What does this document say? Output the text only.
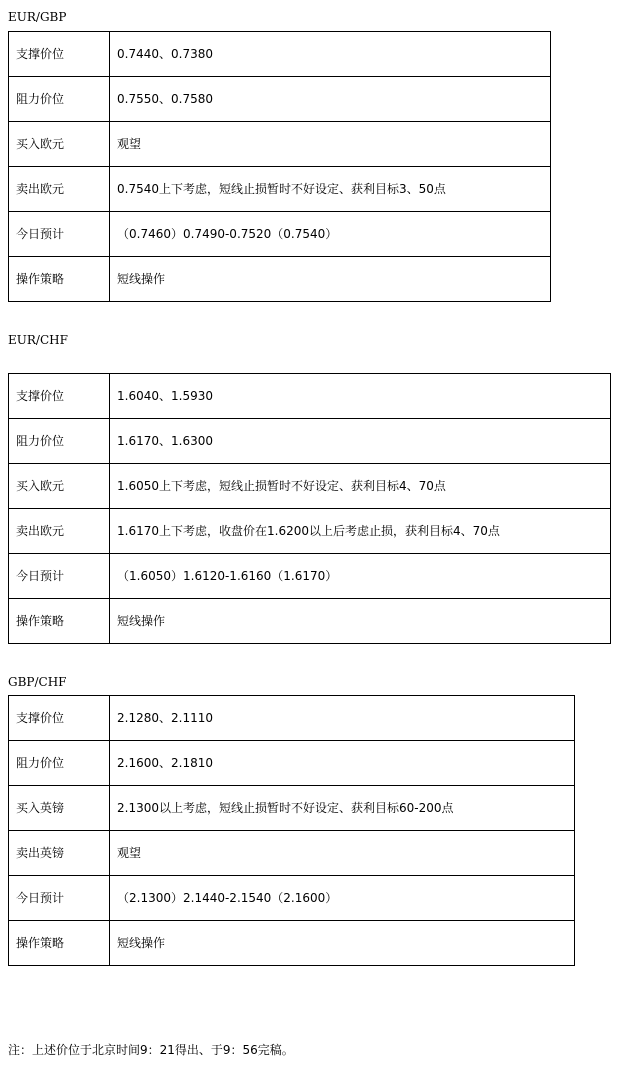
EUR/GBP
支撑价位	0.7440、0.7380
阻力价位	0.7550、0.7580
买入欧元	观望
卖出欧元	0.7540上下考虑，短线止损暂时不好设定、获利目标3、50点
今日预计	（0.7460）0.7490-0.7520（0.7540）
操作策略	短线操作
EUR/CHF
支撑价位	1.6040、1.5930
阻力价位	1.6170、1.6300
买入欧元	1.6050上下考虑，短线止损暂时不好设定、获利目标4、70点
卖出欧元	1.6170上下考虑，收盘价在1.6200以上后考虑止损，获利目标4、70点
今日预计	（1.6050）1.6120-1.6160（1.6170）
操作策略	短线操作
GBP/CHF
支撑价位	2.1280、2.1110
阻力价位	2.1600、2.1810
买入英镑	2.1300以上考虑，短线止损暂时不好设定、获利目标60-200点
卖出英镑	观望
今日预计	（2.1300）2.1440-2.1540（2.1600）
操作策略	短线操作
注：上述价位于北京时间9：21得出、于9：56完稿。
